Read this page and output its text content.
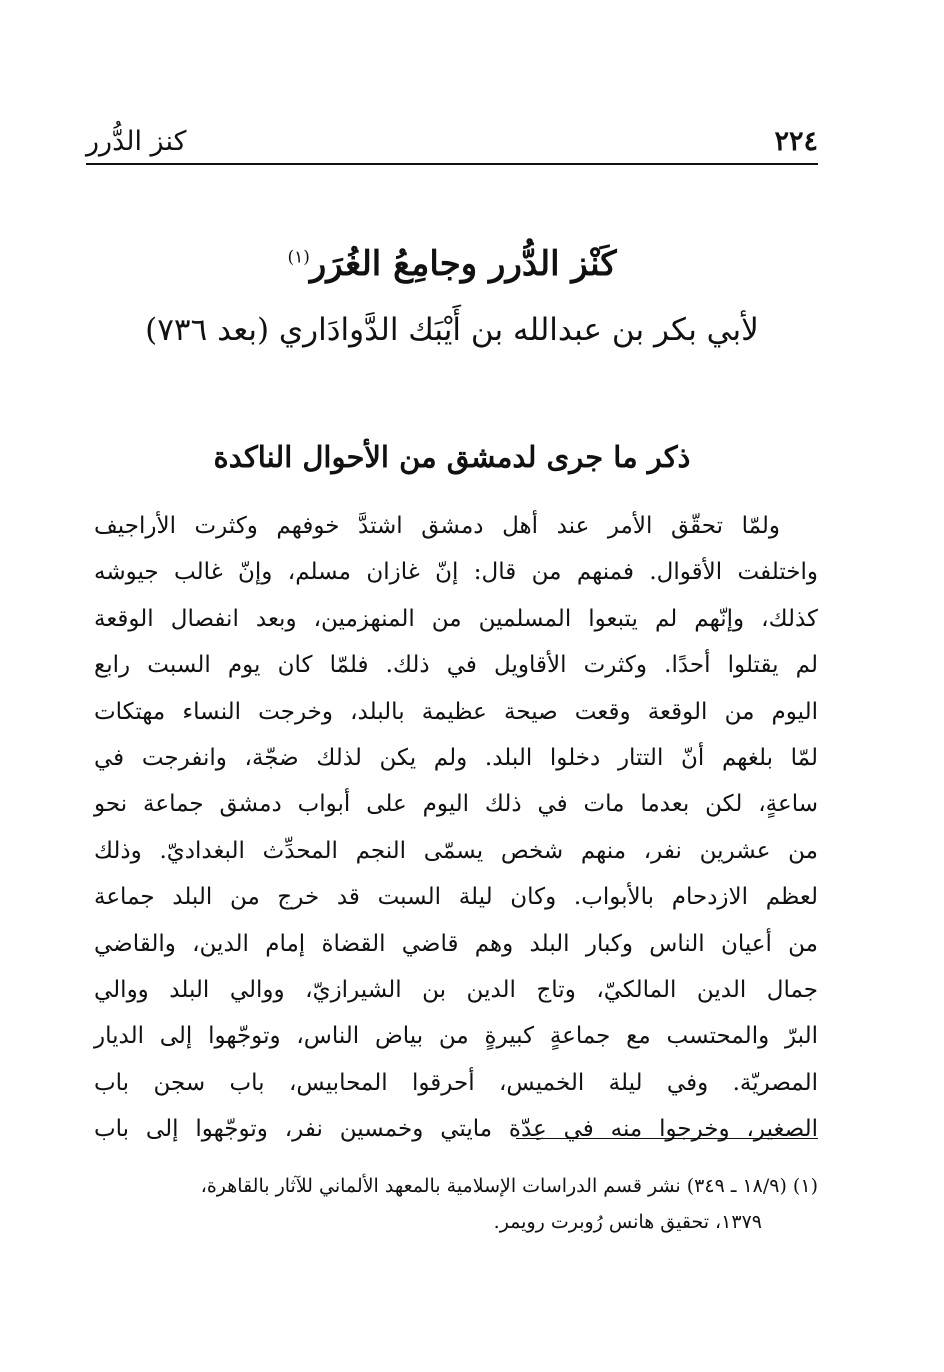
كنز الدُّرر	٢٢٤
كَنْز الدُّرر وجامِعُ الغُرَر$^{(١)}$
لأبي بكر بن عبدالله بن أَيْبَك الدَّوادَاري (بعد ٧٣٦)
ذكر ما جرى لدمشق من الأحوال الناكدة
ولمّا تحقّق الأمر عند أهل دمشق اشتدَّ خوفهم وكثرت الأراجيف
واختلفت الأقوال. فمنهم من قال: إنّ غازان مسلم، وإنّ غالب جيوشه
كذلك، وإنّهم لم يتبعوا المسلمين من المنهزمين، وبعد انفصال الوقعة
لم يقتلوا أحدًا. وكثرت الأقاويل في ذلك. فلمّا كان يوم السبت رابع
اليوم من الوقعة وقعت صيحة عظيمة بالبلد، وخرجت النساء مهتكات
لمّا بلغهم أنّ التتار دخلوا البلد. ولم يكن لذلك ضجّة، وانفرجت في
ساعةٍ، لكن بعدما مات في ذلك اليوم على أبواب دمشق جماعة نحو
من عشرين نفر، منهم شخص يسمّى النجم المحدِّث البغداديّ. وذلك
لعظم الازدحام بالأبواب. وكان ليلة السبت قد خرج من البلد جماعة
من أعيان الناس وكبار البلد وهم قاضي القضاة إمام الدين، والقاضي
جمال الدين المالكيّ، وتاج الدين بن الشيرازيّ، ووالي البلد ووالي
البرّ والمحتسب مع جماعةٍ كبيرةٍ من بياض الناس، وتوجّهوا إلى الديار
المصريّة. وفي ليلة الخميس، أحرقوا المحابيس، باب سجن باب
الصغير، وخرجوا منه في عِدّة مايتي وخمسين نفر، وتوجّهوا إلى باب
(١) (١٨/٩ ـ ٣٤٩) نشر قسم الدراسات الإسلامية بالمعهد الألماني للآثار بالقاهرة،
١٣٧٩، تحقيق هانس رُوبرت رويمر.
